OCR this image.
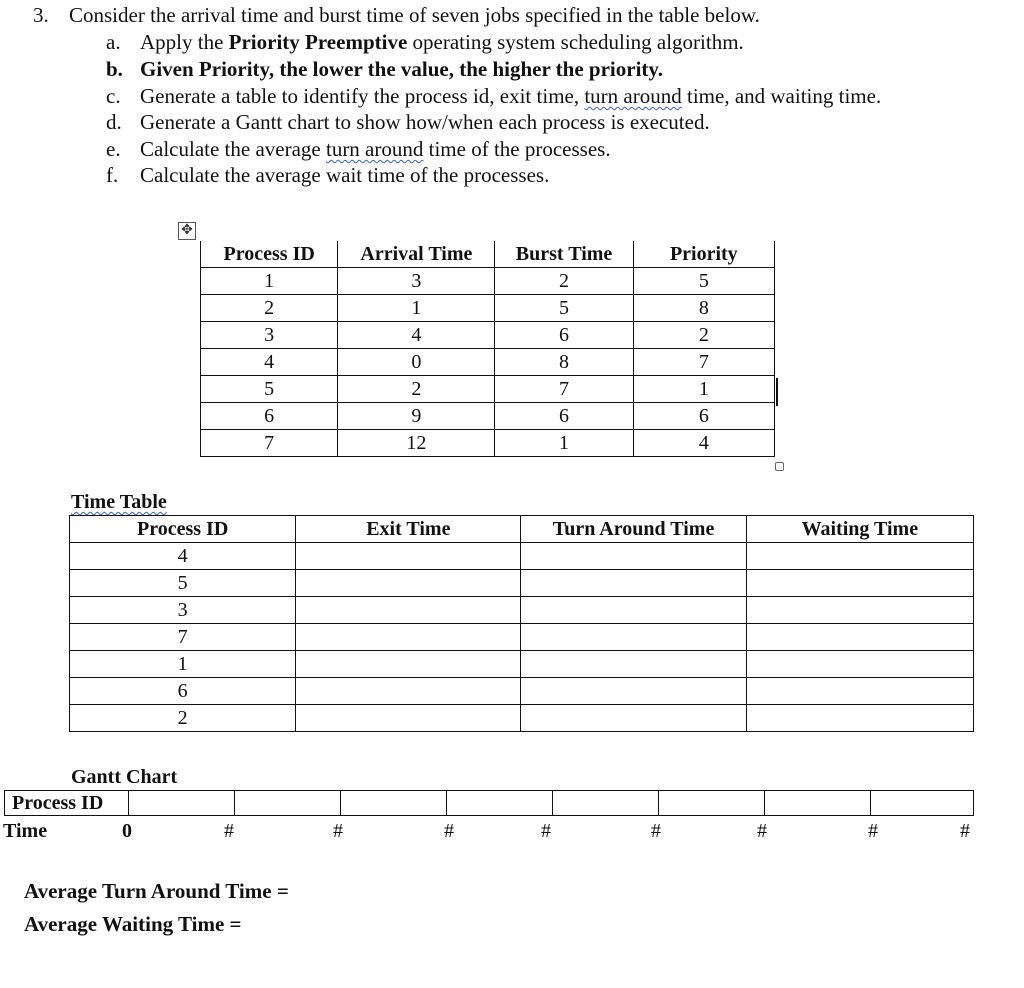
3. Consider the arrival time and burst time of seven jobs specified in the table below.
a. Apply the Priority Preemptive operating system scheduling algorithm.
b. Given Priority, the lower the value, the higher the priority.
c. Generate a table to identify the process id, exit time, turn around time, and waiting time.
d. Generate a Gantt chart to show how/when each process is executed.
e. Calculate the average turn around time of the processes.
f. Calculate the average wait time of the processes.
✥
Process ID	Arrival Time	Burst Time	Priority
1	3	2	5
2	1	5	8
3	4	6	2
4	0	8	7
5	2	7	1
6	9	6	6
7	12	1	4
Time Table
Process ID	Exit Time	Turn Around Time	Waiting Time
4			
5			
3			
7			
1			
6			
2			
Gantt Chart
Process ID
Time	0	#	#	#	#	#	#	#	#
Average Turn Around Time =
Average Waiting Time =
